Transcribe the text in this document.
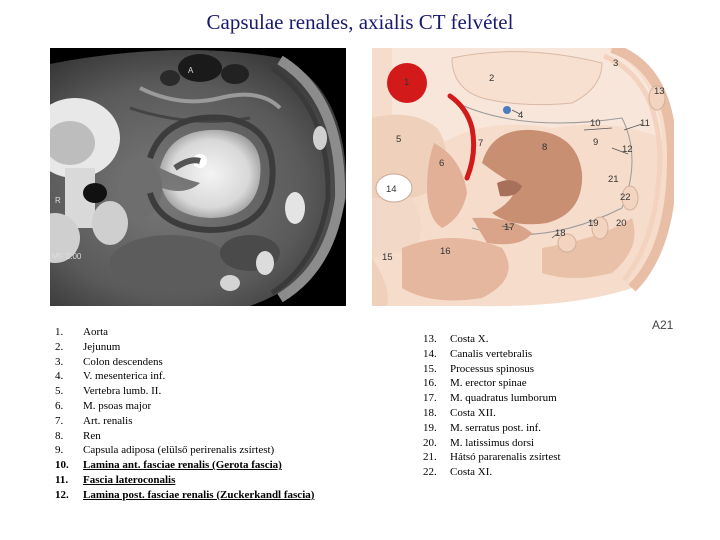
Capsulae renales, axialis CT felvétel
A
R
MF 2.00
1	2
3
4
5
6
7	8	9
10	11
12
13
14
15
16
17
18
19 20
21
22
A21
1.	Aorta
2.	Jejunum
3.	Colon descendens
4.	V. mesenterica inf.
5.	Vertebra lumb. II.
6.	M. psoas major
7.	Art. renalis
8.	Ren
9.	Capsula adiposa (elülső perirenalis zsírtest)
10.	Lamina ant. fasciae renalis (Gerota fascia)
11.	Fascia lateroconalis
12.	Lamina post. fasciae renalis (Zuckerkandl fascia)
13.	Costa X.
14.	Canalis vertebralis
15.	Processus spinosus
16.	M. erector spinae
17.	M. quadratus lumborum
18.	Costa XII.
19.	M. serratus post. inf.
20.	M. latissimus dorsi
21.	Hátsó pararenalis zsírtest
22.	Costa XI.
